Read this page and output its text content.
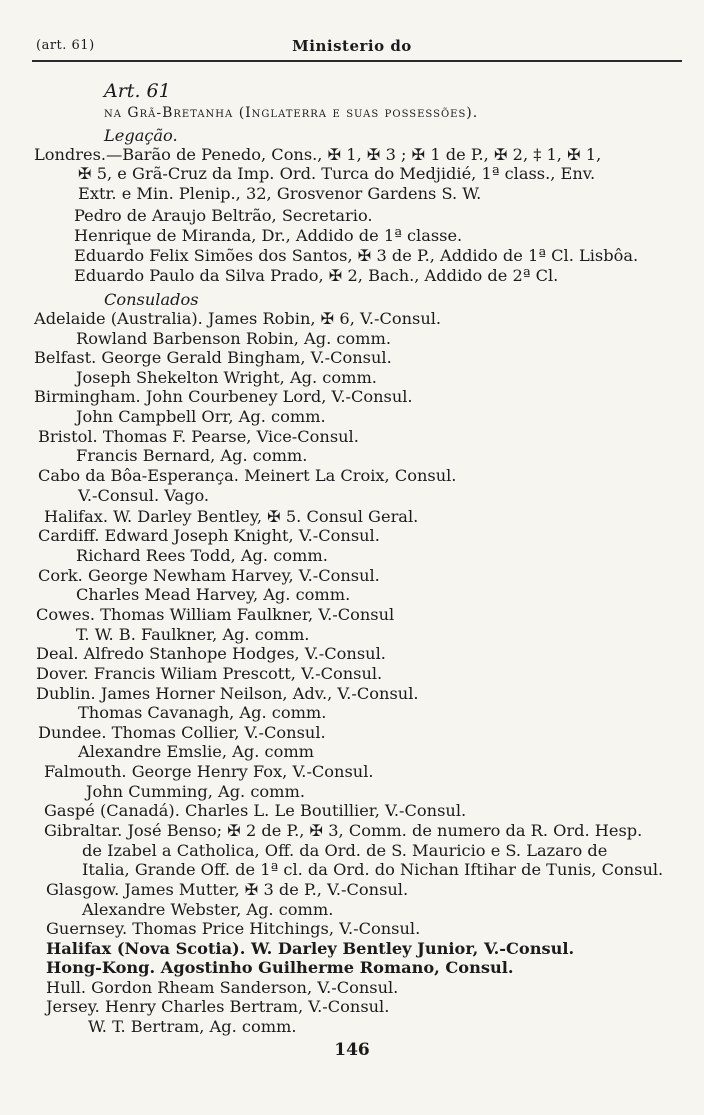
(art. 61)	Ministerio do
Art. 61
na Grã-Bretanha (Inglaterra e suas possessões).
Legação.
Londres.—Barão de Penedo, Cons., ✠ 1, ✠ 3 ; ✠ 1 de P., ✠ 2, ‡ 1, ✠ 1,
✠ 5, e Grã-Cruz da Imp. Ord. Turca do Medjidié, 1ª class., Env.
Extr. e Min. Plenip., 32, Grosvenor Gardens S. W.
Pedro de Araujo Beltrão, Secretario.
Henrique de Miranda, Dr., Addido de 1ª classe.
Eduardo Felix Simões dos Santos, ✠ 3 de P., Addido de 1ª Cl. Lisbôa.
Eduardo Paulo da Silva Prado, ✠ 2, Bach., Addido de 2ª Cl.
Consulados
Adelaide (Australia). James Robin, ✠ 6, V.-Consul.
Rowland Barbenson Robin, Ag. comm.
Belfast. George Gerald Bingham, V.-Consul.
Joseph Shekelton Wright, Ag. comm.
Birmingham. John Courbeney Lord, V.-Consul.
John Campbell Orr, Ag. comm.
Bristol. Thomas F. Pearse, Vice-Consul.
Francis Bernard, Ag. comm.
Cabo da Bôa-Esperança. Meinert La Croix, Consul.
V.-Consul. Vago.
Halifax. W. Darley Bentley, ✠ 5. Consul Geral.
Cardiff. Edward Joseph Knight, V.-Consul.
Richard Rees Todd, Ag. comm.
Cork. George Newham Harvey, V.-Consul.
Charles Mead Harvey, Ag. comm.
Cowes. Thomas William Faulkner, V.-Consul
T. W. B. Faulkner, Ag. comm.
Deal. Alfredo Stanhope Hodges, V.-Consul.
Dover. Francis Wiliam Prescott, V.-Consul.
Dublin. James Horner Neilson, Adv., V.-Consul.
Thomas Cavanagh, Ag. comm.
Dundee. Thomas Collier, V.-Consul.
Alexandre Emslie, Ag. comm
Falmouth. George Henry Fox, V.-Consul.
John Cumming, Ag. comm.
Gaspé (Canadá). Charles L. Le Boutillier, V.-Consul.
Gibraltar. José Benso; ✠ 2 de P., ✠ 3, Comm. de numero da R. Ord. Hesp.
de Izabel a Catholica, Off. da Ord. de S. Mauricio e S. Lazaro de
Italia, Grande Off. de 1ª cl. da Ord. do Nichan Iftihar de Tunis, Consul.
Glasgow. James Mutter, ✠ 3 de P., V.-Consul.
Alexandre Webster, Ag. comm.
Guernsey. Thomas Price Hitchings, V.-Consul.
Halifax (Nova Scotia). W. Darley Bentley Junior, V.-Consul.
Hong-Kong. Agostinho Guilherme Romano, Consul.
Hull. Gordon Rheam Sanderson, V.-Consul.
Jersey. Henry Charles Bertram, V.-Consul.
W. T. Bertram, Ag. comm.
146
